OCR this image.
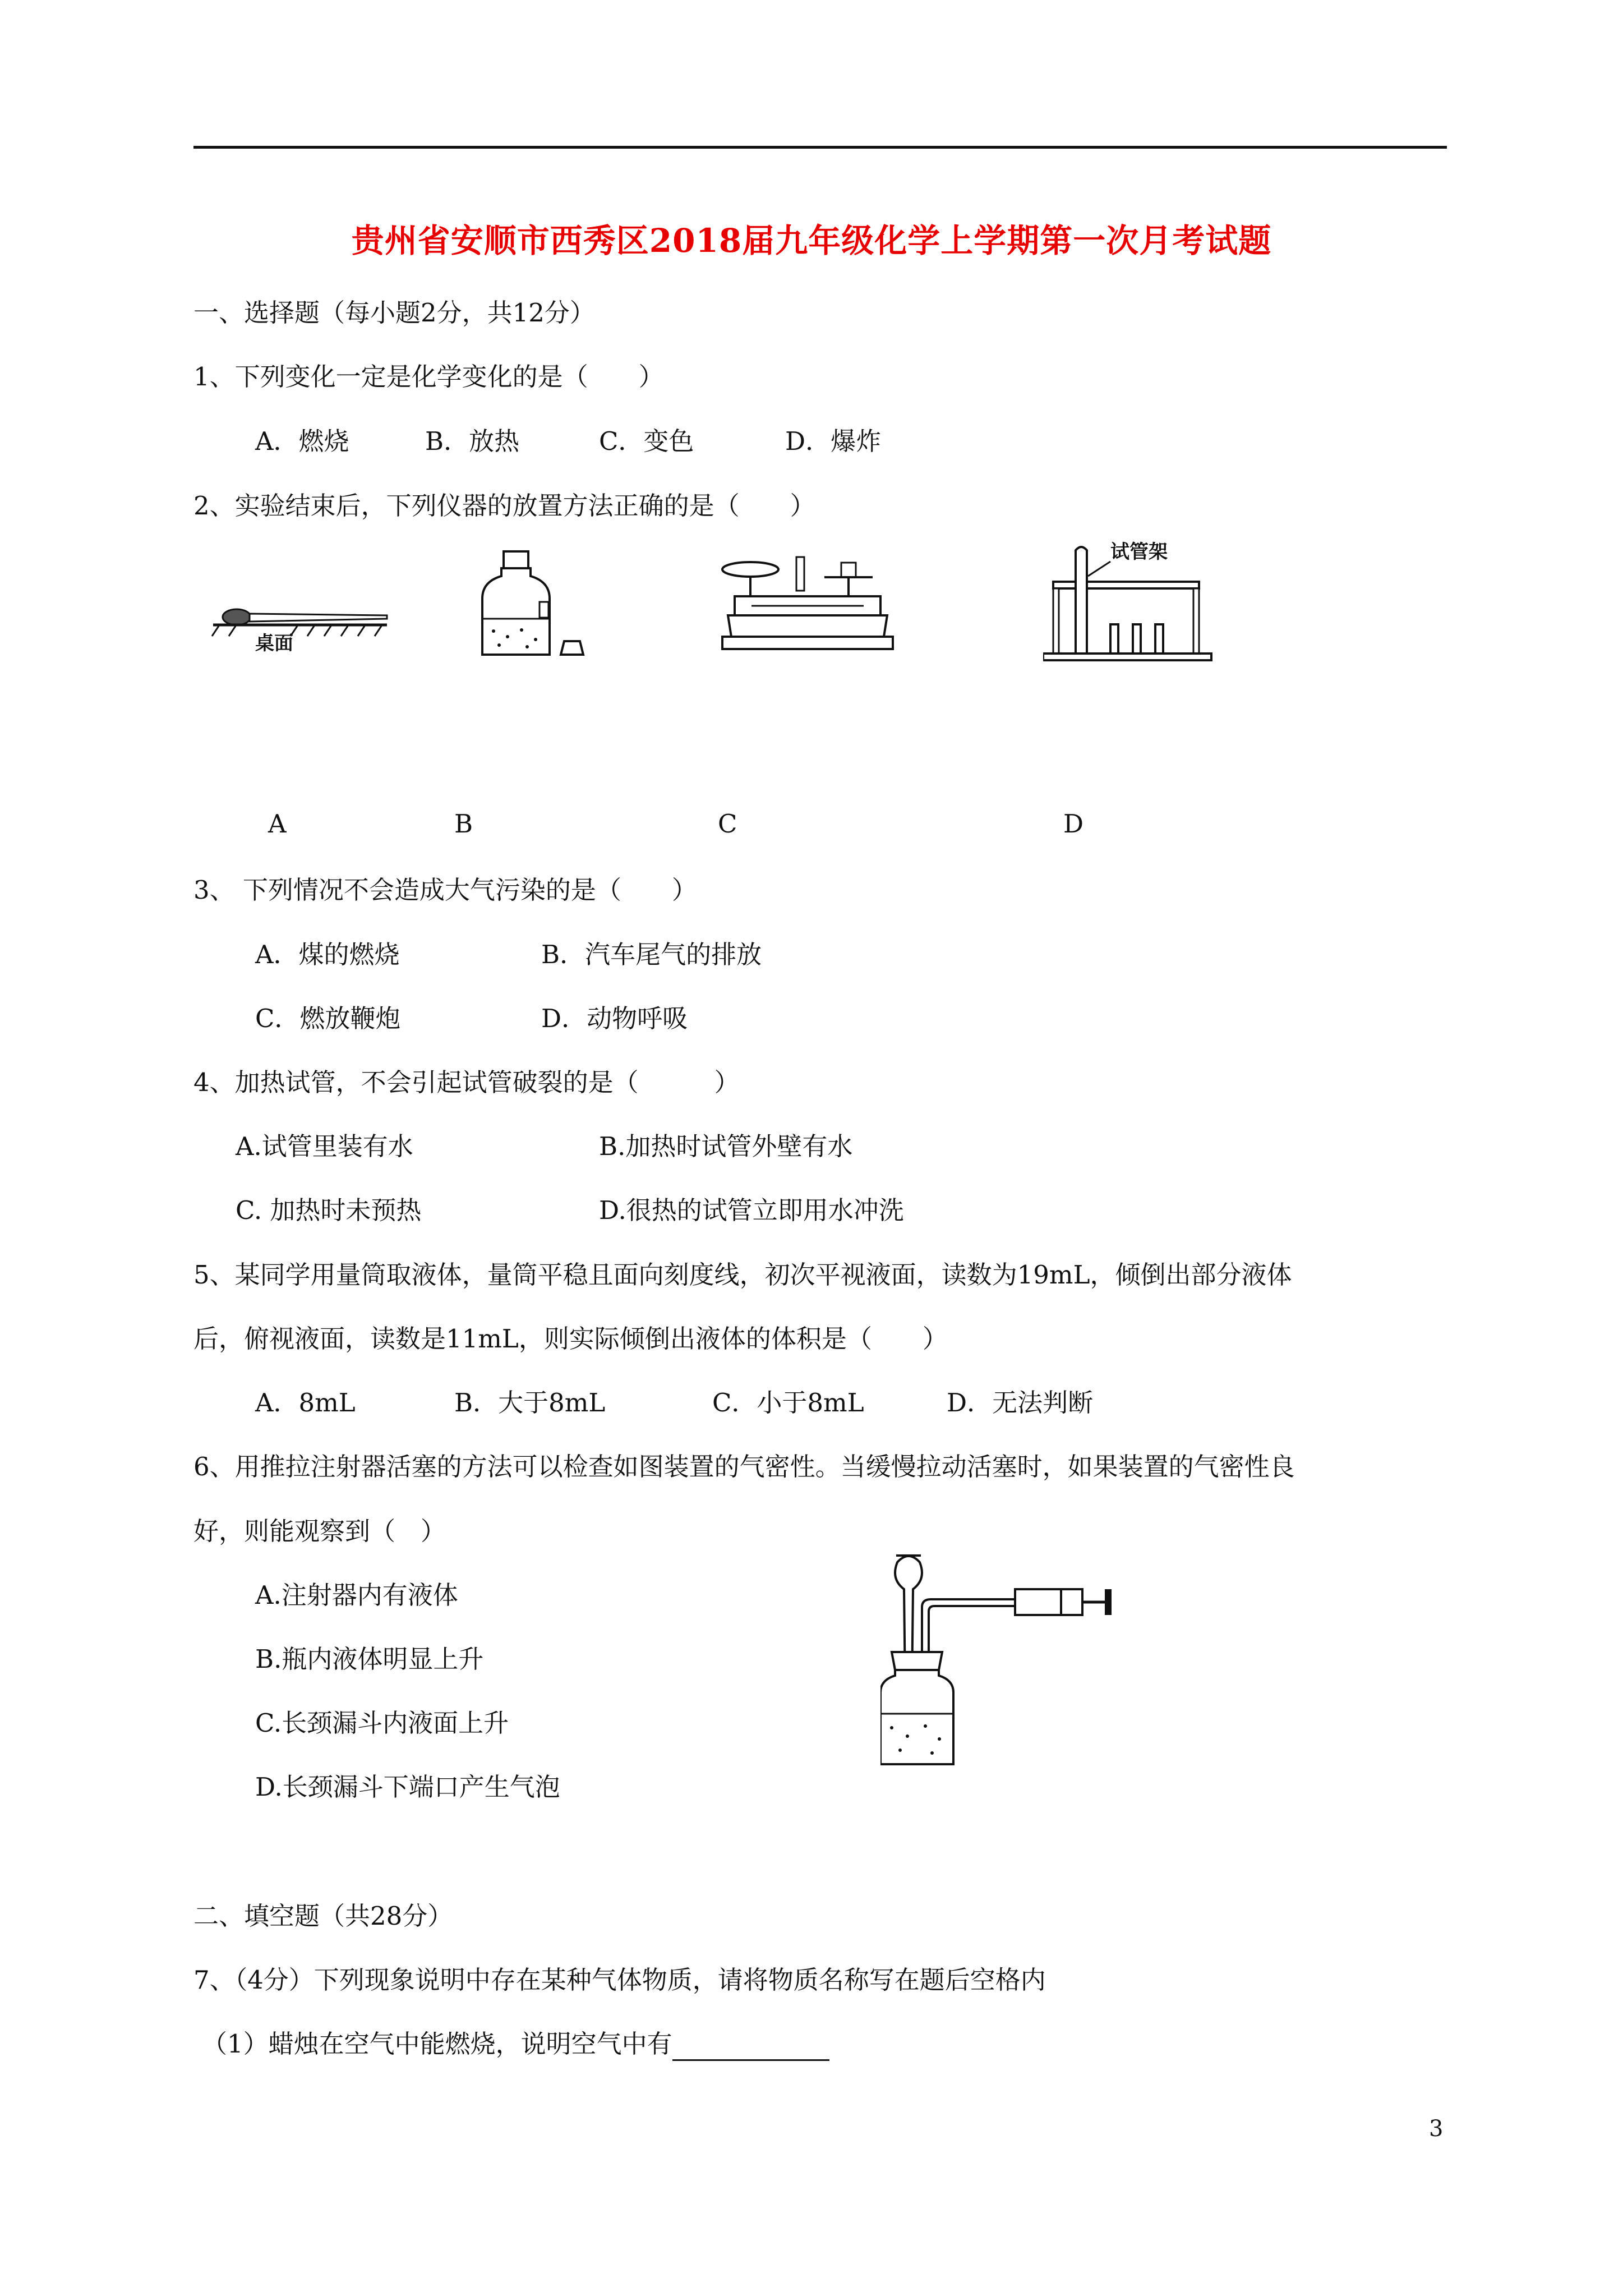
贵州省安顺市西秀区2018届九年级化学上学期第一次月考试题
一、选择题（每小题2分，共12分）
1、下列变化一定是化学变化的是（　　）
A．燃烧	B．放热	C．变色	D．爆炸
2、实验结束后，下列仪器的放置方法正确的是（　　）
桌面
试管架
A	B	C	D
3、 下列情况不会造成大气污染的是（　　）
A．煤的燃烧	B．汽车尾气的排放
C．燃放鞭炮	D．动物呼吸
4、加热试管，不会引起试管破裂的是（　　　）
A.试管里装有水	B.加热时试管外壁有水
C. 加热时未预热	D.很热的试管立即用水冲洗
5、某同学用量筒取液体，量筒平稳且面向刻度线，初次平视液面，读数为19mL，倾倒出部分液体
后，俯视液面，读数是11mL，则实际倾倒出液体的体积是（　　）
A．8mL	B．大于8mL	C．小于8mL	D．无法判断
6、用推拉注射器活塞的方法可以检查如图装置的气密性。当缓慢拉动活塞时，如果装置的气密性良
好，则能观察到（　）
A.注射器内有液体
B.瓶内液体明显上升
C.长颈漏斗内液面上升
D.长颈漏斗下端口产生气泡
二、填空题（共28分）
7、（4分）下列现象说明中存在某种气体物质，请将物质名称写在题后空格内
（1）蜡烛在空气中能燃烧，说明空气中有
3
